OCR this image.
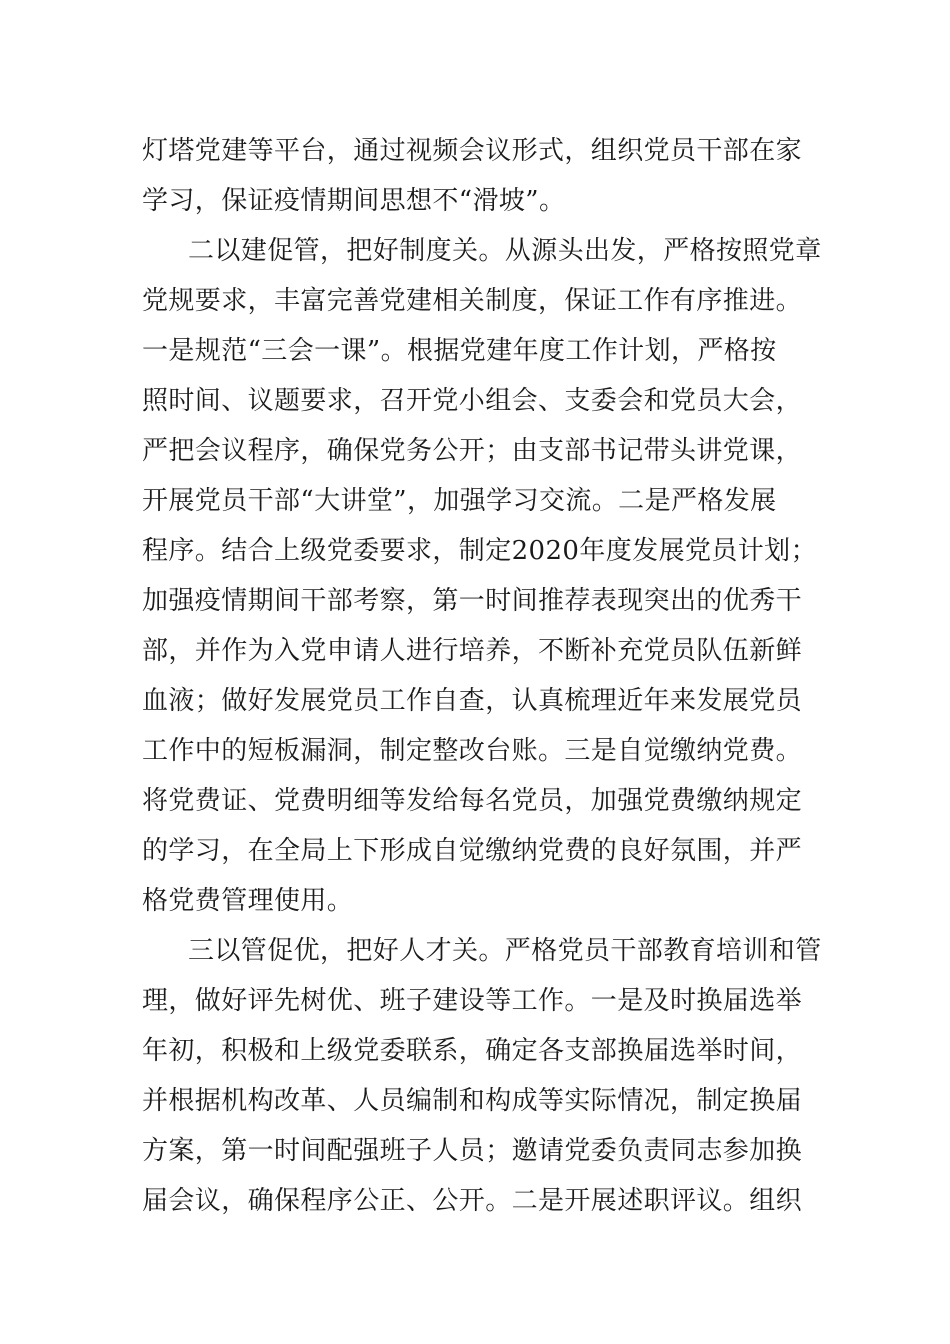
灯塔党建等平台，通过视频会议形式，组织党员干部在家
学习，保证疫情期间思想不“滑坡”。
二以建促管，把好制度关。从源头出发，严格按照党章
党规要求，丰富完善党建相关制度，保证工作有序推进。
一是规范“三会一课”。根据党建年度工作计划，严格按
照时间、议题要求，召开党小组会、支委会和党员大会，
严把会议程序，确保党务公开；由支部书记带头讲党课，
开展党员干部“大讲堂”，加强学习交流。二是严格发展
程序。结合上级党委要求，制定2020年度发展党员计划；
加强疫情期间干部考察，第一时间推荐表现突出的优秀干
部，并作为入党申请人进行培养，不断补充党员队伍新鲜
血液；做好发展党员工作自查，认真梳理近年来发展党员
工作中的短板漏洞，制定整改台账。三是自觉缴纳党费。
将党费证、党费明细等发给每名党员，加强党费缴纳规定
的学习，在全局上下形成自觉缴纳党费的良好氛围，并严
格党费管理使用。
三以管促优，把好人才关。严格党员干部教育培训和管
理，做好评先树优、班子建设等工作。一是及时换届选举
年初，积极和上级党委联系，确定各支部换届选举时间，
并根据机构改革、人员编制和构成等实际情况，制定换届
方案，第一时间配强班子人员；邀请党委负责同志参加换
届会议，确保程序公正、公开。二是开展述职评议。组织
